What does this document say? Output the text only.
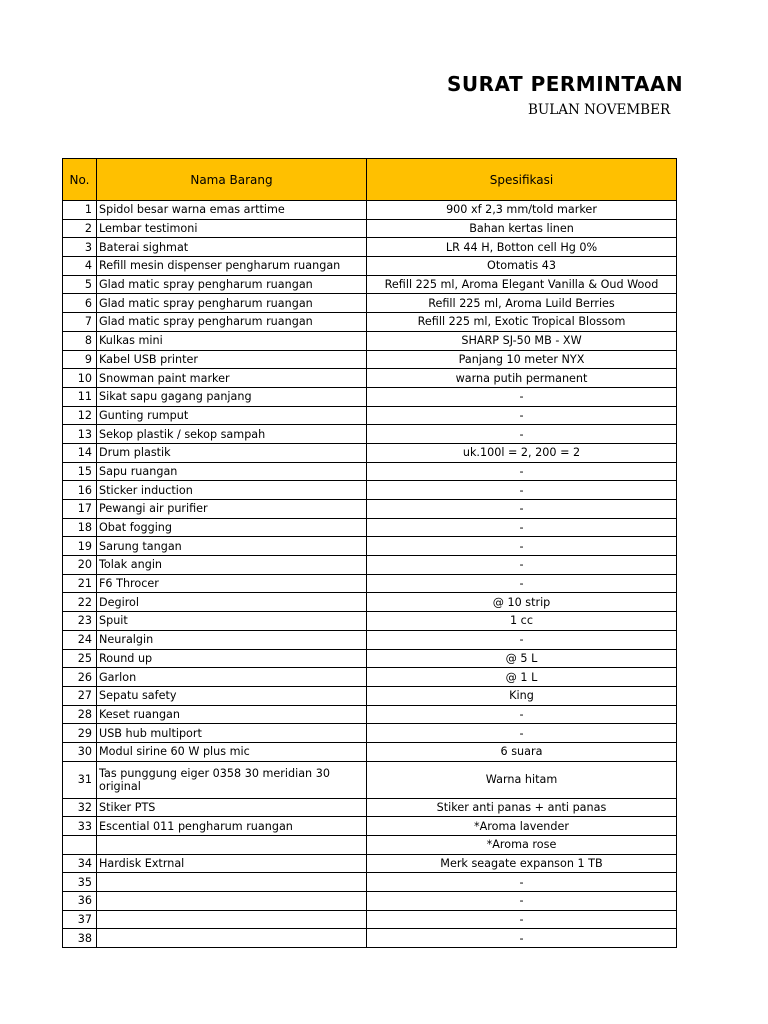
SURAT PERMINTAAN
BULAN NOVEMBER
No.	Nama Barang	Spesifikasi
1	Spidol besar warna emas arttime	900 xf 2,3 mm/told marker
2	Lembar testimoni	Bahan kertas linen
3	Baterai sighmat	LR 44 H, Botton cell Hg 0%
4	Refill mesin dispenser pengharum ruangan	Otomatis 43
5	Glad matic spray pengharum ruangan	Refill 225 ml, Aroma Elegant Vanilla & Oud Wood
6	Glad matic spray pengharum ruangan	Refill 225 ml, Aroma Luild Berries
7	Glad matic spray pengharum ruangan	Refill 225 ml, Exotic Tropical Blossom
8	Kulkas mini	SHARP SJ-50 MB - XW
9	Kabel USB printer	Panjang 10 meter NYX
10	Snowman paint marker	warna putih permanent
11	Sikat sapu gagang panjang	-
12	Gunting rumput	-
13	Sekop plastik / sekop sampah	-
14	Drum plastik	uk.100l = 2, 200 = 2
15	Sapu ruangan	-
16	Sticker induction	-
17	Pewangi air purifier	-
18	Obat fogging	-
19	Sarung tangan	-
20	Tolak angin	-
21	F6 Throcer	-
22	Degirol	@ 10 strip
23	Spuit	1 cc
24	Neuralgin	-
25	Round up	@ 5 L
26	Garlon	@ 1 L
27	Sepatu safety	King
28	Keset ruangan	-
29	USB hub multiport	-
30	Modul sirine 60 W plus mic	6 suara
31	Tas punggung eiger 0358 30 meridian 30 original	Warna hitam
32	Stiker PTS	Stiker anti panas + anti panas
33	Escential 011 pengharum ruangan	*Aroma lavender
		*Aroma rose
34	Hardisk Extrnal	Merk seagate expanson 1 TB
35		-
36		-
37		-
38		-
